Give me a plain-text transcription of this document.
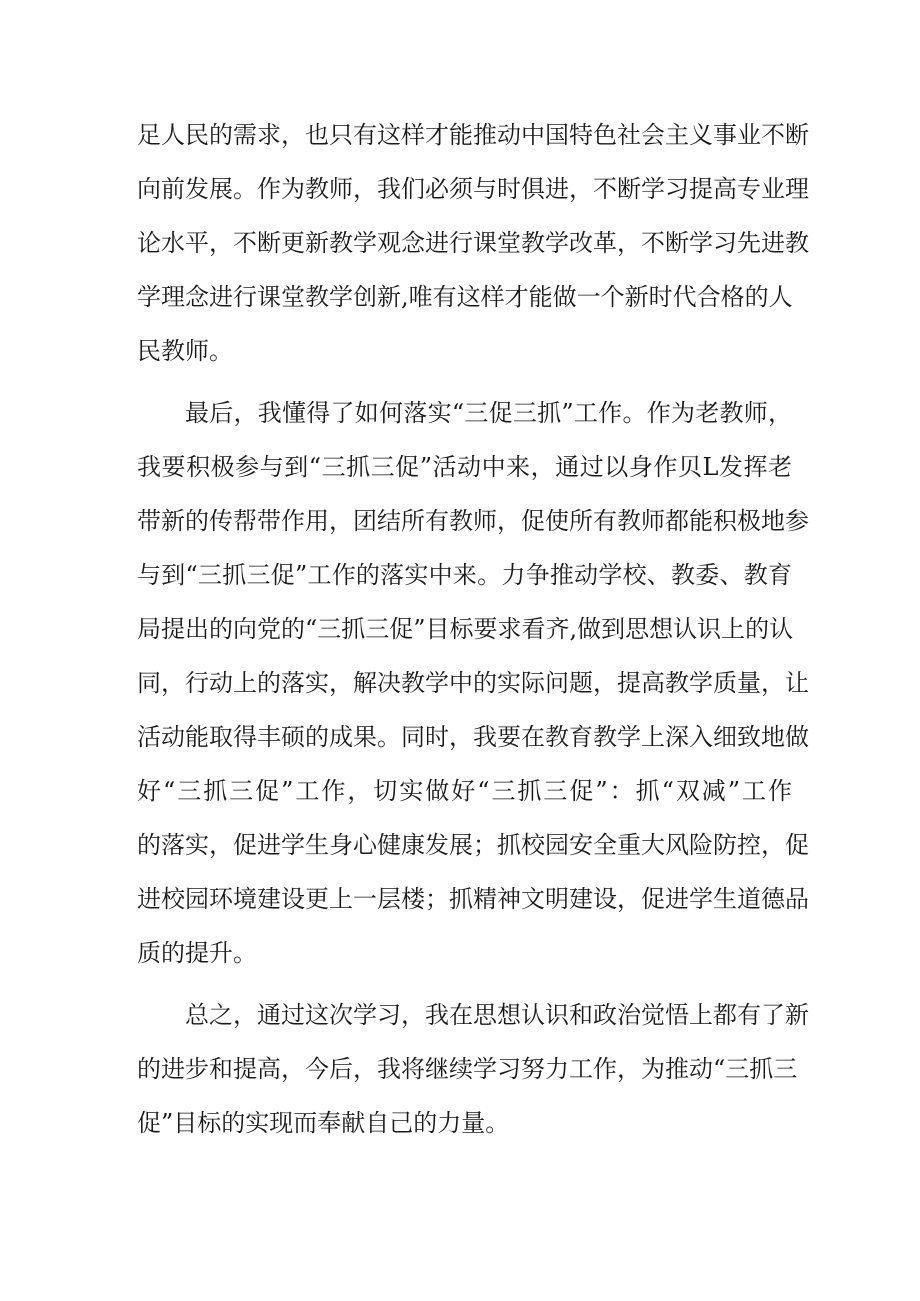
足人民的需求，也只有这样才能推动中国特色社会主义事业不断
向前发展。作为教师，我们必须与时俱进，不断学习提高专业理
论水平，不断更新教学观念进行课堂教学改革，不断学习先进教
学理念进行课堂教学创新,唯有这样才能做一个新时代合格的人
民教师。
最后，我懂得了如何落实“三促三抓”工作。作为老教师，
我要积极参与到“三抓三促”活动中来，通过以身作贝L发挥老
带新的传帮带作用，团结所有教师，促使所有教师都能积极地参
与到“三抓三促”工作的落实中来。力争推动学校、教委、教育
局提出的向党的“三抓三促”目标要求看齐,做到思想认识上的认
同，行动上的落实，解决教学中的实际问题，提高教学质量，让
活动能取得丰硕的成果。同时，我要在教育教学上深入细致地做
好“三抓三促”工作，切实做好“三抓三促”：抓“双减”工作
的落实，促进学生身心健康发展；抓校园安全重大风险防控，促
进校园环境建设更上一层楼；抓精神文明建设，促进学生道德品
质的提升。
总之，通过这次学习，我在思想认识和政治觉悟上都有了新
的进步和提高，今后，我将继续学习努力工作，为推动“三抓三
促”目标的实现而奉献自己的力量。
